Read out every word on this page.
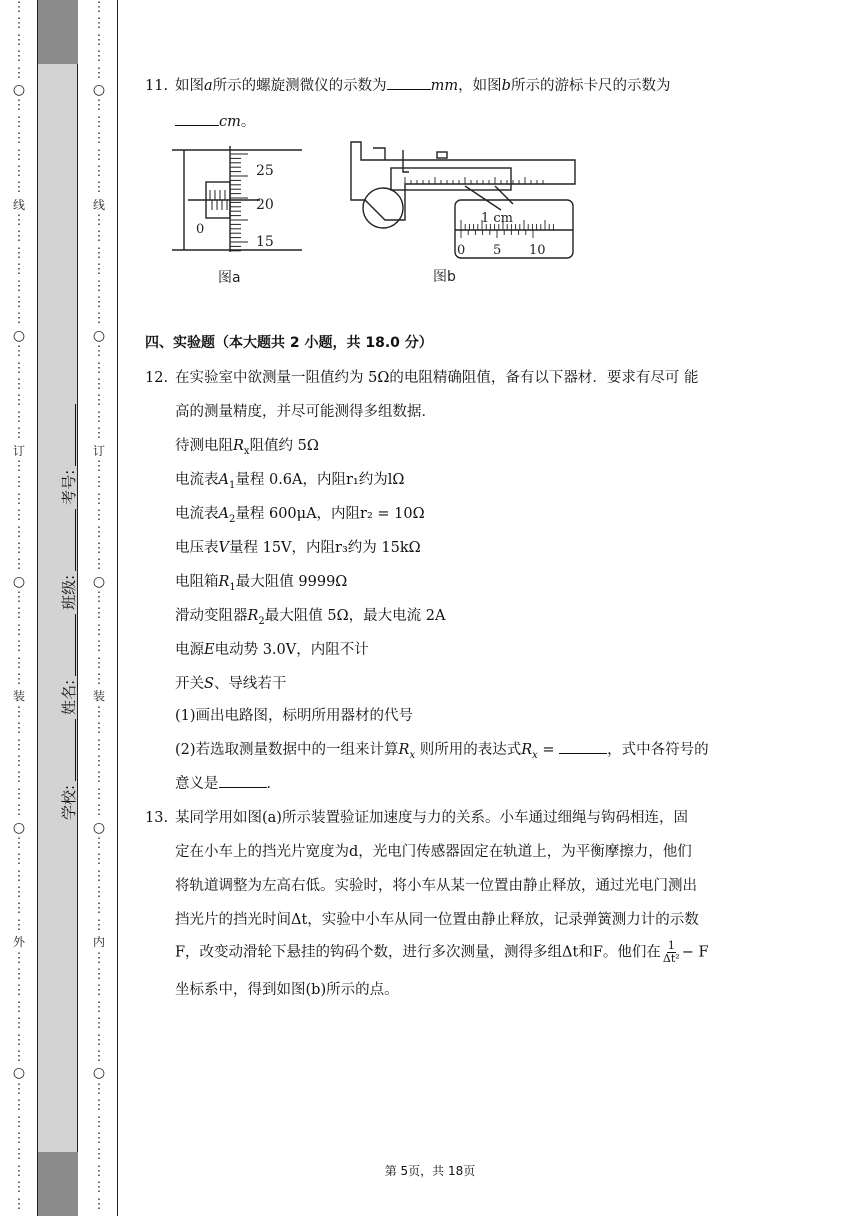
⋮
⋮
⋮
⋮
⋮
○
⋮
⋮
⋮
⋮
⋮
⋮
线
⋮
⋮
⋮
⋮
⋮
⋮
⋮
○
⋮
⋮
⋮
⋮
⋮
⋮
订
⋮
⋮
⋮
⋮
⋮
⋮
⋮
○
⋮
⋮
⋮
⋮
⋮
⋮
装
⋮
⋮
⋮
⋮
⋮
⋮
⋮
○
⋮
⋮
⋮
⋮
⋮
⋮
外
⋮
⋮
⋮
⋮
⋮
⋮
⋮
○
⋮
⋮
⋮
⋮
⋮
⋮
⋮
⋮
⋮
⋮
⋮
⋮
⋮
○
⋮
⋮
⋮
⋮
⋮
⋮
线
⋮
⋮
⋮
⋮
⋮
⋮
⋮
○
⋮
⋮
⋮
⋮
⋮
⋮
订
⋮
⋮
⋮
⋮
⋮
⋮
⋮
○
⋮
⋮
⋮
⋮
⋮
⋮
装
⋮
⋮
⋮
⋮
⋮
⋮
⋮
○
⋮
⋮
⋮
⋮
⋮
⋮
内
⋮
⋮
⋮
⋮
⋮
⋮
⋮
○
⋮
⋮
⋮
⋮
⋮
⋮
⋮
⋮
学校:
姓名:
班级:
考号:
11. 如图a所示的螺旋测微仪的示数为	mm，如图b所示的游标卡尺的示数为
cm。
25
20
15
0
图a
1 cm
0 5 10
图b
四、实验题（本大题共 2 小题，共 18.0 分）
12. 在实验室中欲测量一阻值约为 5Ω的电阻精确阻值，备有以下器材．要求有尽可 能
高的测量精度，并尽可能测得多组数据．
待测电阻$R_x$阻值约 5Ω
电流表$A_1$量程 0.6A，内阻r₁约为lΩ
电流表$A_2$量程 600μA，内阻r₂ = 10Ω
电压表V量程 15V，内阻r₃约为 15kΩ
电阻箱$R_1$最大阻值 9999Ω
滑动变阻器$R_2$最大阻值 5Ω，最大电流 2A
电源E电动势 3.0V，内阻不计
开关S、导线若干
(1)画出电路图，标明所用器材的代号
(2)若选取测量数据中的一组来计算$R_x$ 则所用的表达式$R_x$ =	，式中各符号的
意义是	．
13. 某同学用如图(a)所示装置验证加速度与力的关系。小车通过细绳与钩码相连，固
定在小车上的挡光片宽度为d，光电门传感器固定在轨道上，为平衡摩擦力，他们
将轨道调整为左高右低。实验时，将小车从某一位置由静止释放，通过光电门测出
挡光片的挡光时间Δt，实验中小车从同一位置由静止释放，记录弹簧测力计的示数
F，改变动滑轮下悬挂的钩码个数，进行多次测量，测得多组Δt和F。他们在 $\frac{1}{\text{Δt²}} - F$
坐标系中，得到如图(b)所示的点。
第 5页，共 18页
